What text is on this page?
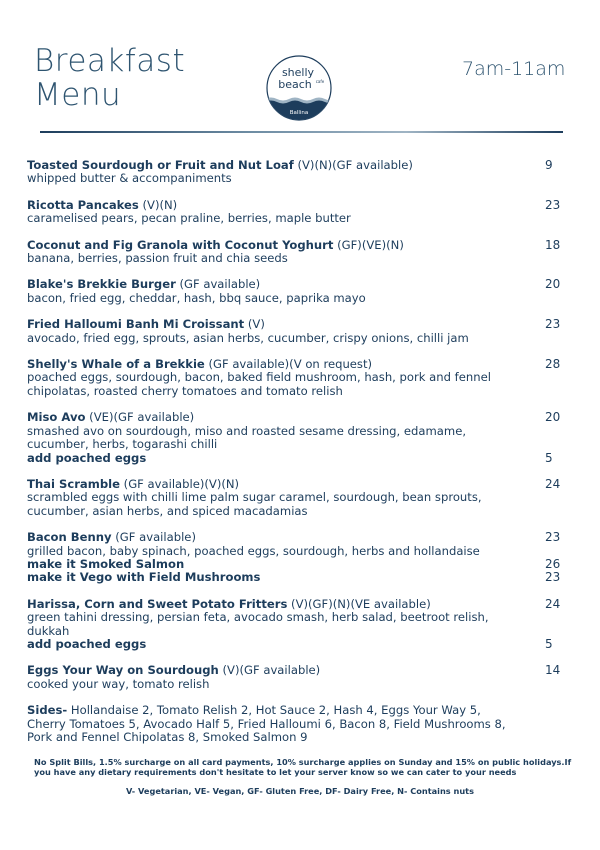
Breakfast
Menu
shelly
beach cafe
Ballina
7am-11am
Toasted Sourdough or Fruit and Nut Loaf (V)(N)(GF available)	9
whipped butter & accompaniments
Ricotta Pancakes (V)(N)	23
caramelised pears, pecan praline, berries, maple butter
Coconut and Fig Granola with Coconut Yoghurt (GF)(VE)(N)	18
banana, berries, passion fruit and chia seeds
Blake's Brekkie Burger (GF available)	20
bacon, fried egg, cheddar, hash, bbq sauce, paprika mayo
Fried Halloumi Banh Mi Croissant (V)	23
avocado, fried egg, sprouts, asian herbs, cucumber, crispy onions, chilli jam
Shelly's Whale of a Brekkie (GF available)(V on request)	28
poached eggs, sourdough, bacon, baked field mushroom, hash, pork and fennel
chipolatas, roasted cherry tomatoes and tomato relish
Miso Avo (VE)(GF available)	20
smashed avo on sourdough, miso and roasted sesame dressing, edamame,
cucumber, herbs, togarashi chilli
add poached eggs	5
Thai Scramble (GF available)(V)(N)	24
scrambled eggs with chilli lime palm sugar caramel, sourdough, bean sprouts,
cucumber, asian herbs, and spiced macadamias
Bacon Benny (GF available)	23
grilled bacon, baby spinach, poached eggs, sourdough, herbs and hollandaise
make it Smoked Salmon	26
make it Vego with Field Mushrooms	23
Harissa, Corn and Sweet Potato Fritters (V)(GF)(N)(VE available)	24
green tahini dressing, persian feta, avocado smash, herb salad, beetroot relish,
dukkah
add poached eggs	5
Eggs Your Way on Sourdough (V)(GF available)	14
cooked your way, tomato relish
Sides- Hollandaise 2, Tomato Relish 2, Hot Sauce 2, Hash 4, Eggs Your Way 5,
Cherry Tomatoes 5, Avocado Half 5, Fried Halloumi 6, Bacon 8, Field Mushrooms 8,
Pork and Fennel Chipolatas 8, Smoked Salmon 9
No Split Bills, 1.5% surcharge on all card payments, 10% surcharge applies on Sunday and 15% on public holidays.If you have any dietary requirements don't hesitate to let your server know so we can cater to your needs
V- Vegetarian, VE- Vegan, GF- Gluten Free, DF- Dairy Free, N- Contains nuts
